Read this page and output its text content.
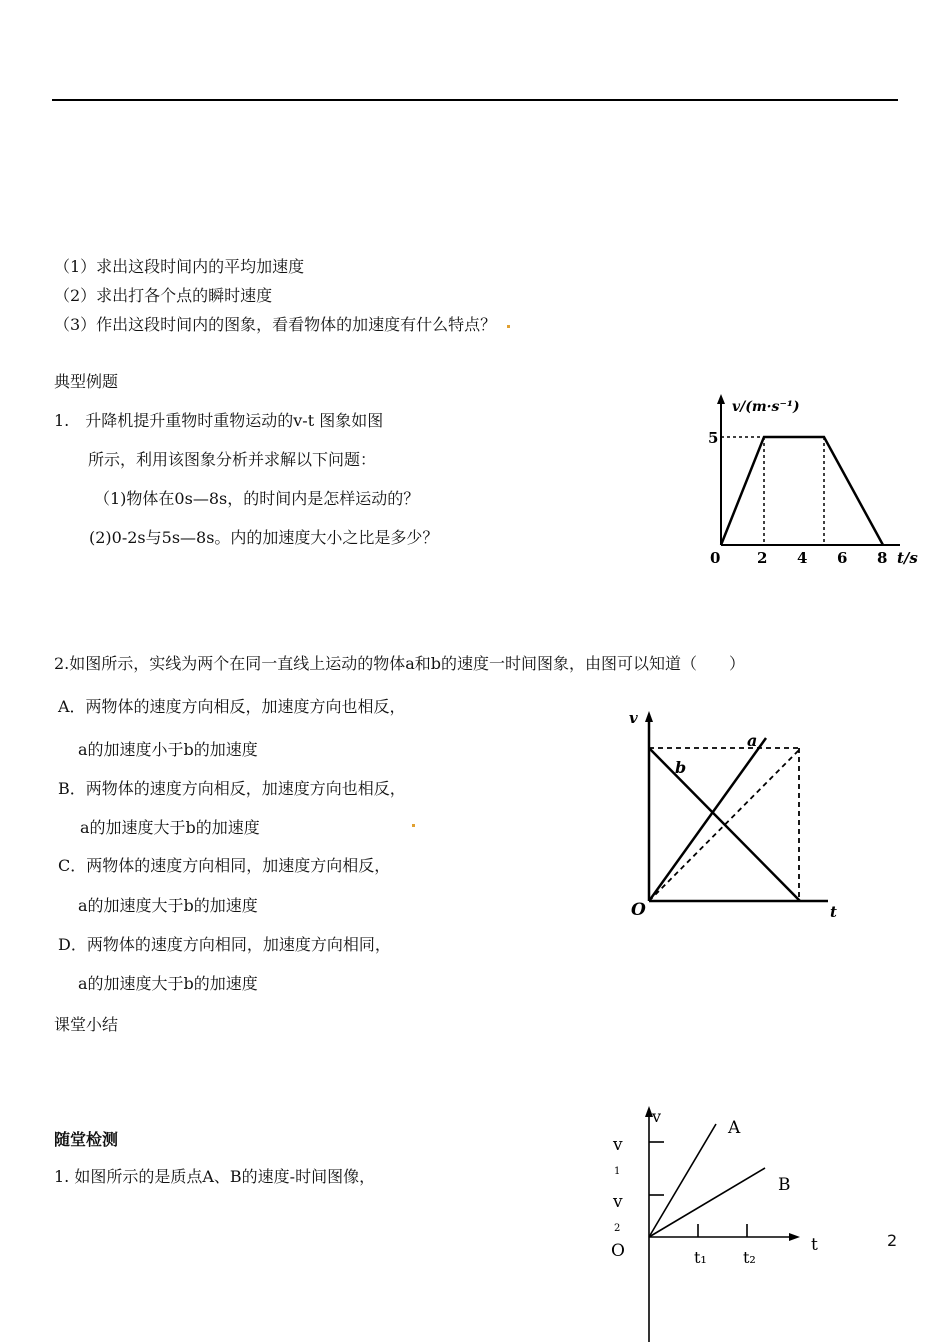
（1）求出这段时间内的平均加速度
（2）求出打各个点的瞬时速度
（3）作出这段时间内的图象，看看物体的加速度有什么特点？
典型例题
1.　升降机提升重物时重物运动的v-t 图象如图
所示，利用该图象分析并求解以下问题：
（1)物体在0s—8s，的时间内是怎样运动的？
(2)0-2s与5s—8s。内的加速度大小之比是多少？
v/(m·s⁻¹)
5
0 2 4 6 8 t/s
2.如图所示，实线为两个在同一直线上运动的物体a和b的速度一时间图象，由图可以知道（　　）
A．两物体的速度方向相反，加速度方向也相反，
a的加速度小于b的加速度
B．两物体的速度方向相反，加速度方向也相反，
a的加速度大于b的加速度
C．两物体的速度方向相同，加速度方向相反，
a的加速度大于b的加速度
D．两物体的速度方向相同，加速度方向相同，
a的加速度大于b的加速度
v
a
b
O	t
课堂小结
随堂检测
1. 如图所示的是质点A、B的速度-时间图像，
v
v
1
v
2
O
A
B
t
t₁ t₂
2
